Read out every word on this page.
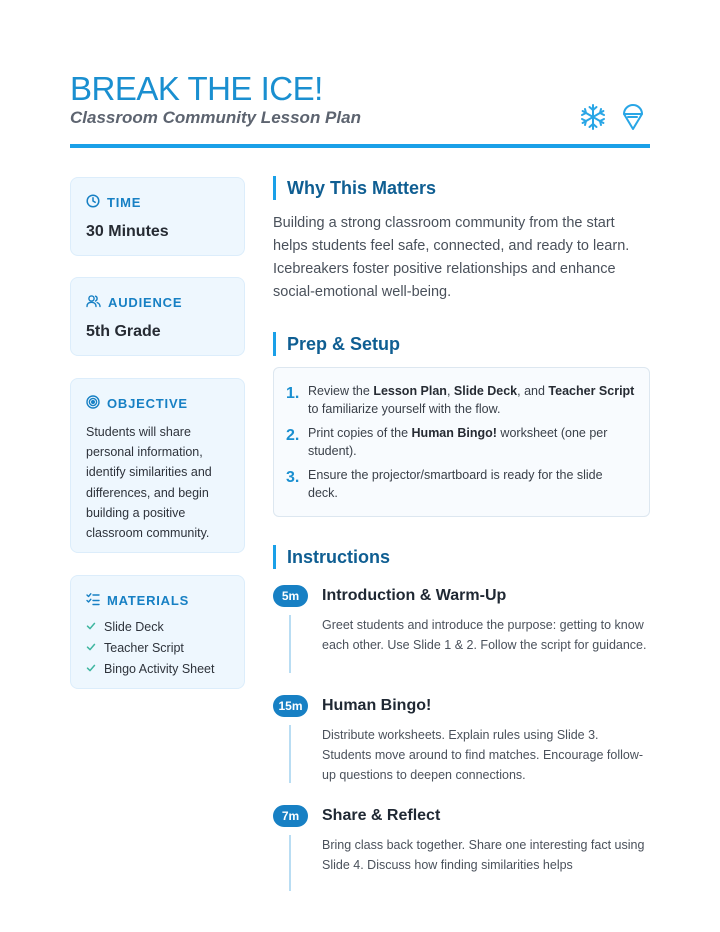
BREAK THE ICE!
Classroom Community Lesson Plan
TIME
30 Minutes
AUDIENCE
5th Grade
OBJECTIVE
Students will share personal information, identify similarities and differences, and begin building a positive classroom community.
MATERIALS
Slide Deck
Teacher Script
Bingo Activity Sheet
Why This Matters
Building a strong classroom community from the start helps students feel safe, connected, and ready to learn. Icebreakers foster positive relationships and enhance social-emotional well-being.
Prep & Setup
1. Review the Lesson Plan, Slide Deck, and Teacher Script to familiarize yourself with the flow.
2. Print copies of the Human Bingo! worksheet (one per student).
3. Ensure the projector/smartboard is ready for the slide deck.
Instructions
5m	Introduction & Warm-Up
Greet students and introduce the purpose: getting to know each other. Use Slide 1 & 2. Follow the script for guidance.
15m	Human Bingo!
Distribute worksheets. Explain rules using Slide 3. Students move around to find matches. Encourage follow-up questions to deepen connections.
7m	Share & Reflect
Bring class back together. Share one interesting fact using Slide 4. Discuss how finding similarities helps
